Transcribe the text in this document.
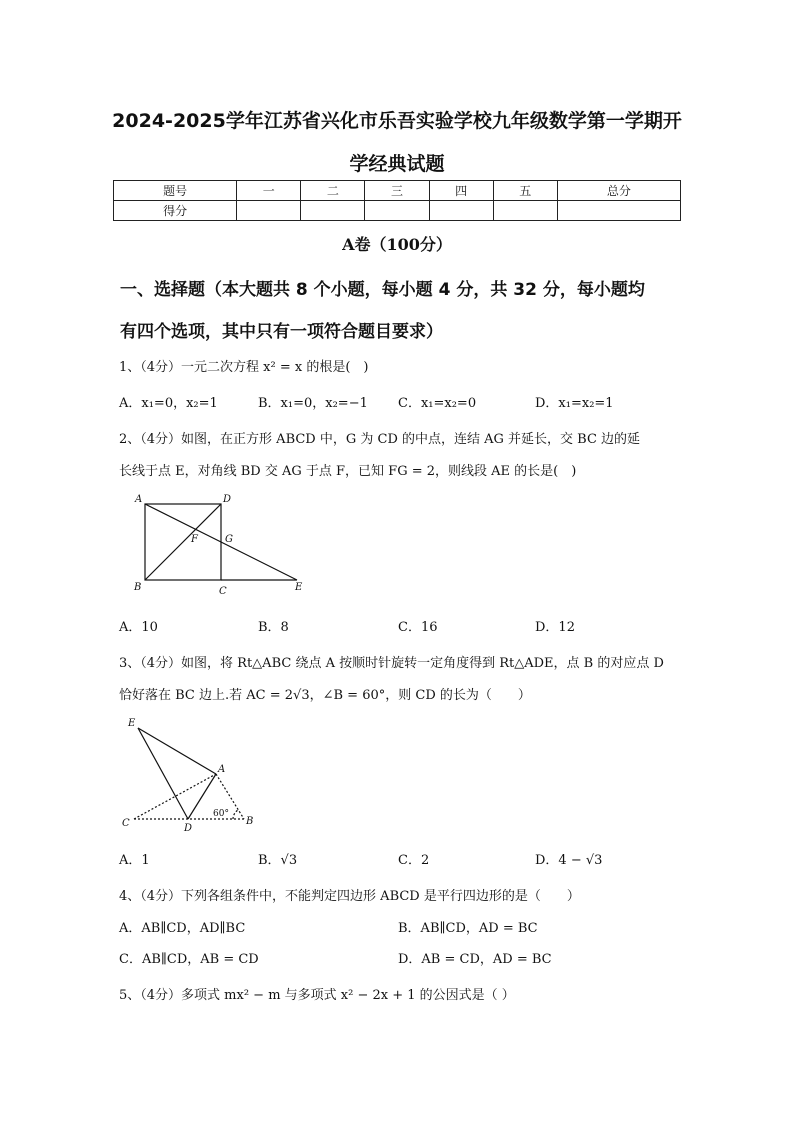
2024-2025学年江苏省兴化市乐吾实验学校九年级数学第一学期开
学经典试题
题号	一	二	三	四	五	总分
得分						
A卷（100分）
一、选择题（本大题共 8 个小题，每小题 4 分，共 32 分，每小题均
有四个选项，其中只有一项符合题目要求）
1、（4分）一元二次方程 x² = x 的根是(　)
A．x₁=0，x₂=1	B．x₁=0，x₂=−1 C．x₁=x₂=0	D．x₁=x₂=1
2、（4分）如图，在正方形 ABCD 中，G 为 CD 的中点，连结 AG 并延长，交 BC 边的延
长线于点 E，对角线 BD 交 AG 于点 F，已知 FG = 2，则线段 AE 的长是(　)
A	D
F	G
B	C	E
A．10	B．8	C．16	D．12
3、（4分）如图，将 Rt△ABC 绕点 A 按顺时针旋转一定角度得到 Rt△ADE，点 B 的对应点 D
恰好落在 BC 边上.若 AC = 2√3，∠B = 60°，则 CD 的长为（　　）
E
A
C	D
B
60°
A．1	B．√3	C．2	D．4 − √3
4、（4分）下列各组条件中，不能判定四边形 ABCD 是平行四边形的是（　　）
A．AB∥CD，AD∥BC	B．AB∥CD，AD = BC
C．AB∥CD，AB = CD	D．AB = CD，AD = BC
5、（4分）多项式 mx² − m 与多项式 x² − 2x + 1 的公因式是（ ）
